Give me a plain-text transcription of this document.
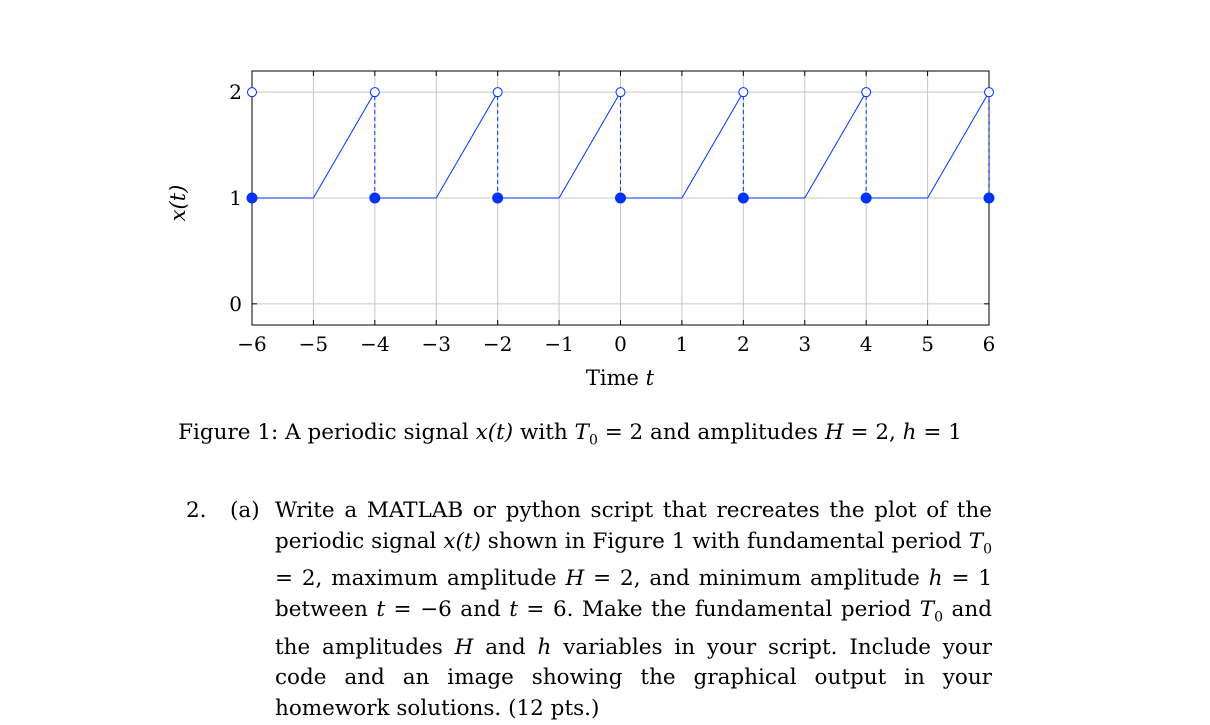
−6 −5 −4 −3 −2 −1 0 1 2 3 4 5 6
0
1
2
Time t
x(t)
Figure 1: A periodic signal x(t) with $T_0 = 2$ and amplitudes H = 2, h = 1
2. (a) Write a MATLAB or python script that recreates the plot of the periodic signal x(t) shown in Figure 1 with fundamental period $T_0 = 2$, maximum amplitude H = 2, and minimum amplitude h = 1 between t = −6 and t = 6. Make the fundamental period $T_0$ and the amplitudes H and h variables in your script. Include your code and an image showing the graphical output in your homework solutions. (12 pts.)
